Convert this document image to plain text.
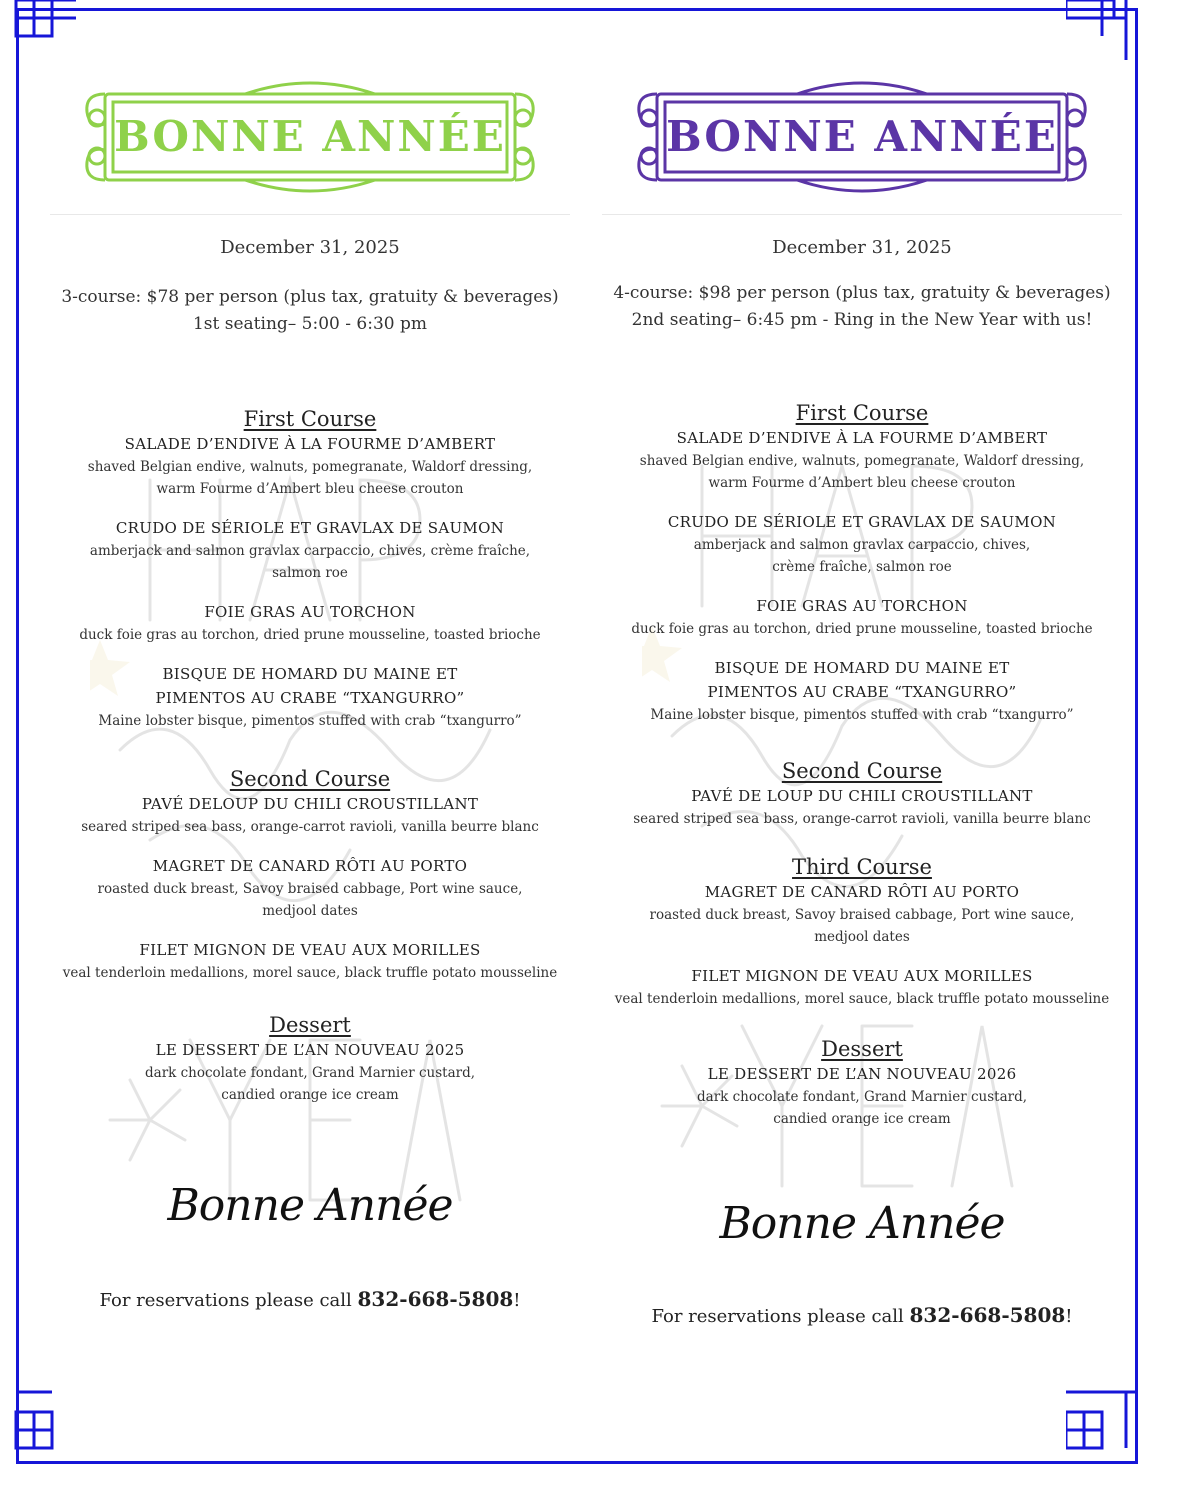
BONNE ANNÉE
December 31, 2025
3-course: $78 per person (plus tax, gratuity & beverages)
1st seating– 5:00 - 6:30 pm
First Course
SALADE D’ENDIVE À LA FOURME D’AMBERT
shaved Belgian endive, walnuts, pomegranate, Waldorf dressing,
warm Fourme d’Ambert bleu cheese crouton
CRUDO DE SÉRIOLE ET GRAVLAX DE SAUMON
amberjack and salmon gravlax carpaccio, chives, crème fraîche,
salmon roe
FOIE GRAS AU TORCHON
duck foie gras au torchon, dried prune mousseline, toasted brioche
BISQUE DE HOMARD DU MAINE ET
PIMENTOS AU CRABE “TXANGURRO”
Maine lobster bisque, pimentos stuffed with crab “txangurro”
Second Course
PAVÉ DELOUP DU CHILI CROUSTILLANT
seared striped sea bass, orange-carrot ravioli, vanilla beurre blanc
MAGRET DE CANARD RÔTI AU PORTO
roasted duck breast, Savoy braised cabbage, Port wine sauce,
medjool dates
FILET MIGNON DE VEAU AUX MORILLES
veal tenderloin medallions, morel sauce, black truffle potato mousseline
Dessert
LE DESSERT DE L’AN NOUVEAU 2025
dark chocolate fondant, Grand Marnier custard,
candied orange ice cream
Bonne Année
For reservations please call 832-668-5808!
BONNE ANNÉE
December 31, 2025
4-course: $98 per person (plus tax, gratuity & beverages)
2nd seating– 6:45 pm - Ring in the New Year with us!
First Course
SALADE D’ENDIVE À LA FOURME D’AMBERT
shaved Belgian endive, walnuts, pomegranate, Waldorf dressing,
warm Fourme d’Ambert bleu cheese crouton
CRUDO DE SÉRIOLE ET GRAVLAX DE SAUMON
amberjack and salmon gravlax carpaccio, chives,
crème fraîche, salmon roe
FOIE GRAS AU TORCHON
duck foie gras au torchon, dried prune mousseline, toasted brioche
BISQUE DE HOMARD DU MAINE ET
PIMENTOS AU CRABE “TXANGURRO”
Maine lobster bisque, pimentos stuffed with crab “txangurro”
Second Course
PAVÉ DE LOUP DU CHILI CROUSTILLANT
seared striped sea bass, orange-carrot ravioli, vanilla beurre blanc
Third Course
MAGRET DE CANARD RÔTI AU PORTO
roasted duck breast, Savoy braised cabbage, Port wine sauce,
medjool dates
FILET MIGNON DE VEAU AUX MORILLES
veal tenderloin medallions, morel sauce, black truffle potato mousseline
Dessert
LE DESSERT DE L’AN NOUVEAU 2026
dark chocolate fondant, Grand Marnier custard,
candied orange ice cream
Bonne Année
For reservations please call 832-668-5808!
